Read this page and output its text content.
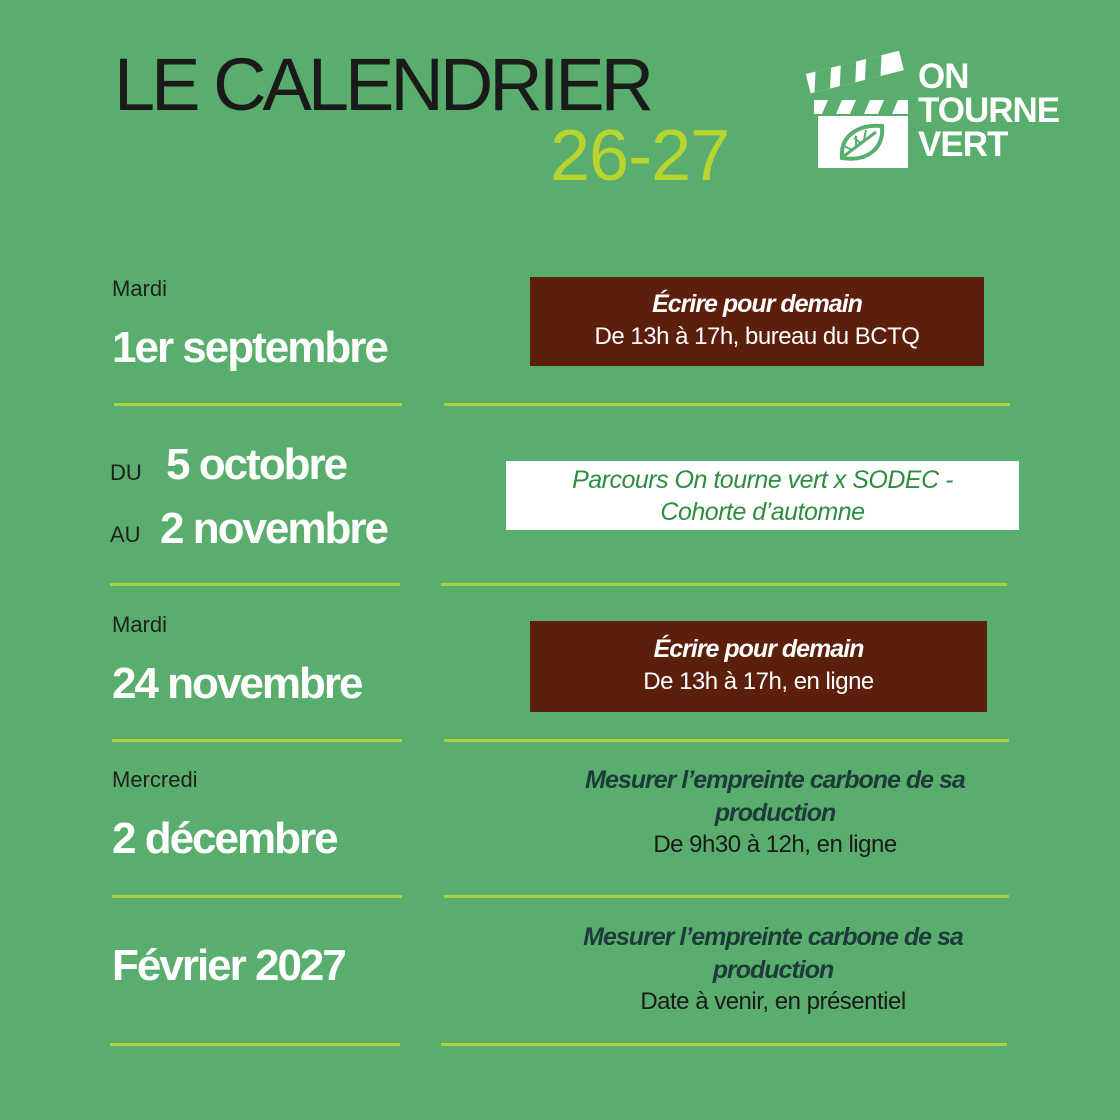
LE CALENDRIER
26-27
ON
TOURNE
VERT
Mardi
1er septembre
Écrire pour demain
De 13h à 17h, bureau du BCTQ
DU 5 octobre
AU 2 novembre
Parcours On tourne vert x SODEC -
Cohorte d’automne
Mardi
24 novembre
Écrire pour demain
De 13h à 17h, en ligne
Mercredi
2 décembre
Mesurer l’empreinte carbone de sa
production
De 9h30 à 12h, en ligne
Février 2027
Mesurer l’empreinte carbone de sa
production
Date à venir, en présentiel
